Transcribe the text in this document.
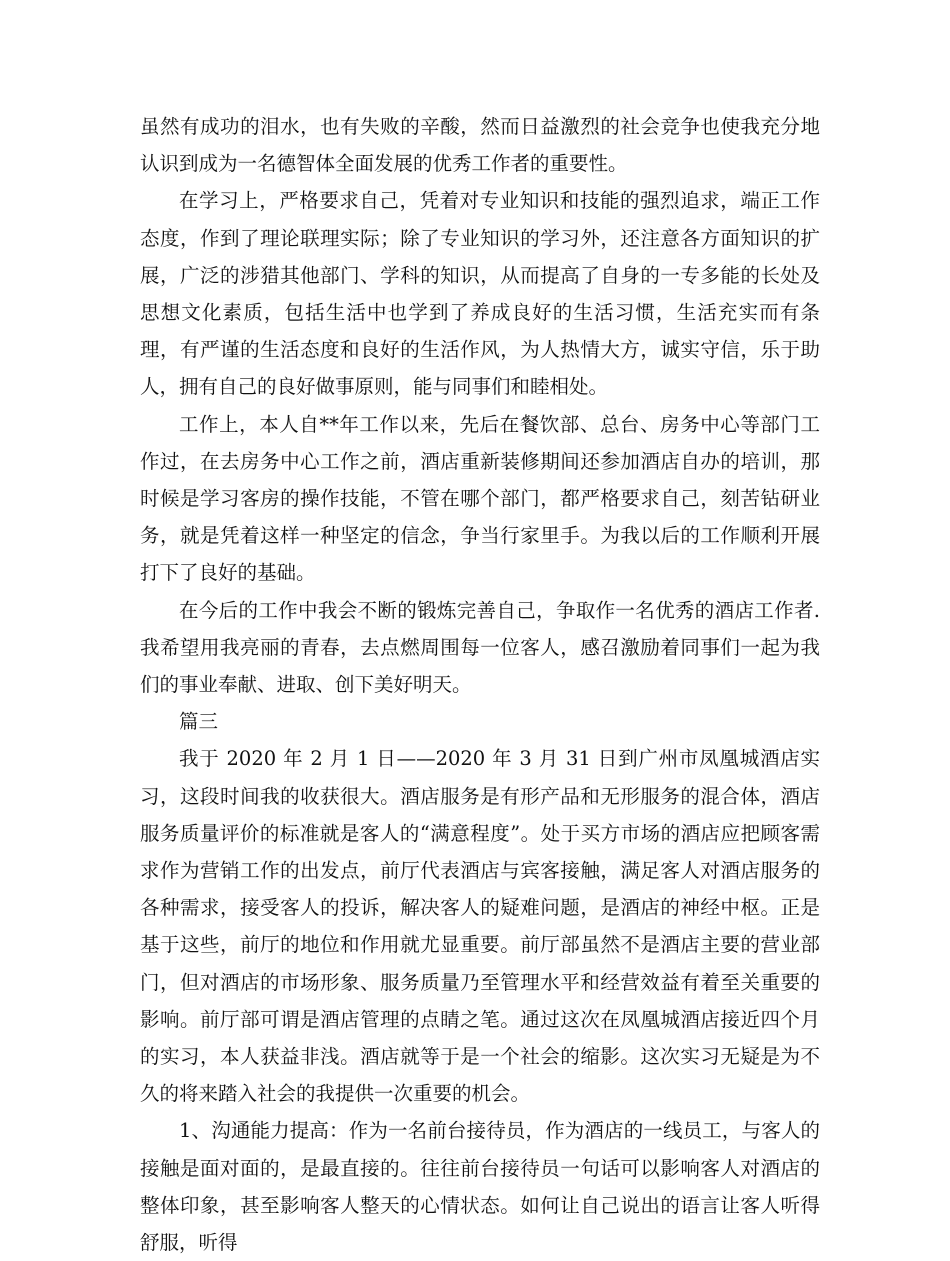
虽然有成功的泪水，也有失败的辛酸，然而日益激烈的社会竞争也使我充分地认识到成为一名德智体全面发展的优秀工作者的重要性。

在学习上，严格要求自己，凭着对专业知识和技能的强烈追求，端正工作态度，作到了理论联理实际；除了专业知识的学习外，还注意各方面知识的扩展，广泛的涉猎其他部门、学科的知识，从而提高了自身的一专多能的长处及思想文化素质，包括生活中也学到了养成良好的生活习惯，生活充实而有条理，有严谨的生活态度和良好的生活作风，为人热情大方，诚实守信，乐于助人，拥有自己的良好做事原则，能与同事们和睦相处。

工作上，本人自**年工作以来，先后在餐饮部、总台、房务中心等部门工作过，在去房务中心工作之前，酒店重新装修期间还参加酒店自办的培训，那时候是学习客房的操作技能，不管在哪个部门，都严格要求自己，刻苦钻研业务，就是凭着这样一种坚定的信念，争当行家里手。为我以后的工作顺利开展打下了良好的基础。

在今后的工作中我会不断的锻炼完善自己，争取作一名优秀的酒店工作者. 我希望用我亮丽的青春，去点燃周围每一位客人，感召激励着同事们一起为我们的事业奉献、进取、创下美好明天。

篇三

我于 2020 年 2 月 1 日——2020 年 3 月 31 日到广州市凤凰城酒店实习，这段时间我的收获很大。酒店服务是有形产品和无形服务的混合体，酒店服务质量评价的标准就是客人的“满意程度”。处于买方市场的酒店应把顾客需求作为营销工作的出发点，前厅代表酒店与宾客接触，满足客人对酒店服务的各种需求，接受客人的投诉，解决客人的疑难问题，是酒店的神经中枢。正是基于这些，前厅的地位和作用就尤显重要。前厅部虽然不是酒店主要的营业部门，但对酒店的市场形象、服务质量乃至管理水平和经营效益有着至关重要的影响。前厅部可谓是酒店管理的点睛之笔。通过这次在凤凰城酒店接近四个月的实习，本人获益非浅。酒店就等于是一个社会的缩影。这次实习无疑是为不久的将来踏入社会的我提供一次重要的机会。

1、沟通能力提高：作为一名前台接待员，作为酒店的一线员工，与客人的接触是面对面的，是最直接的。往往前台接待员一句话可以影响客人对酒店的整体印象，甚至影响客人整天的心情状态。如何让自己说出的语言让客人听得舒服，听得
